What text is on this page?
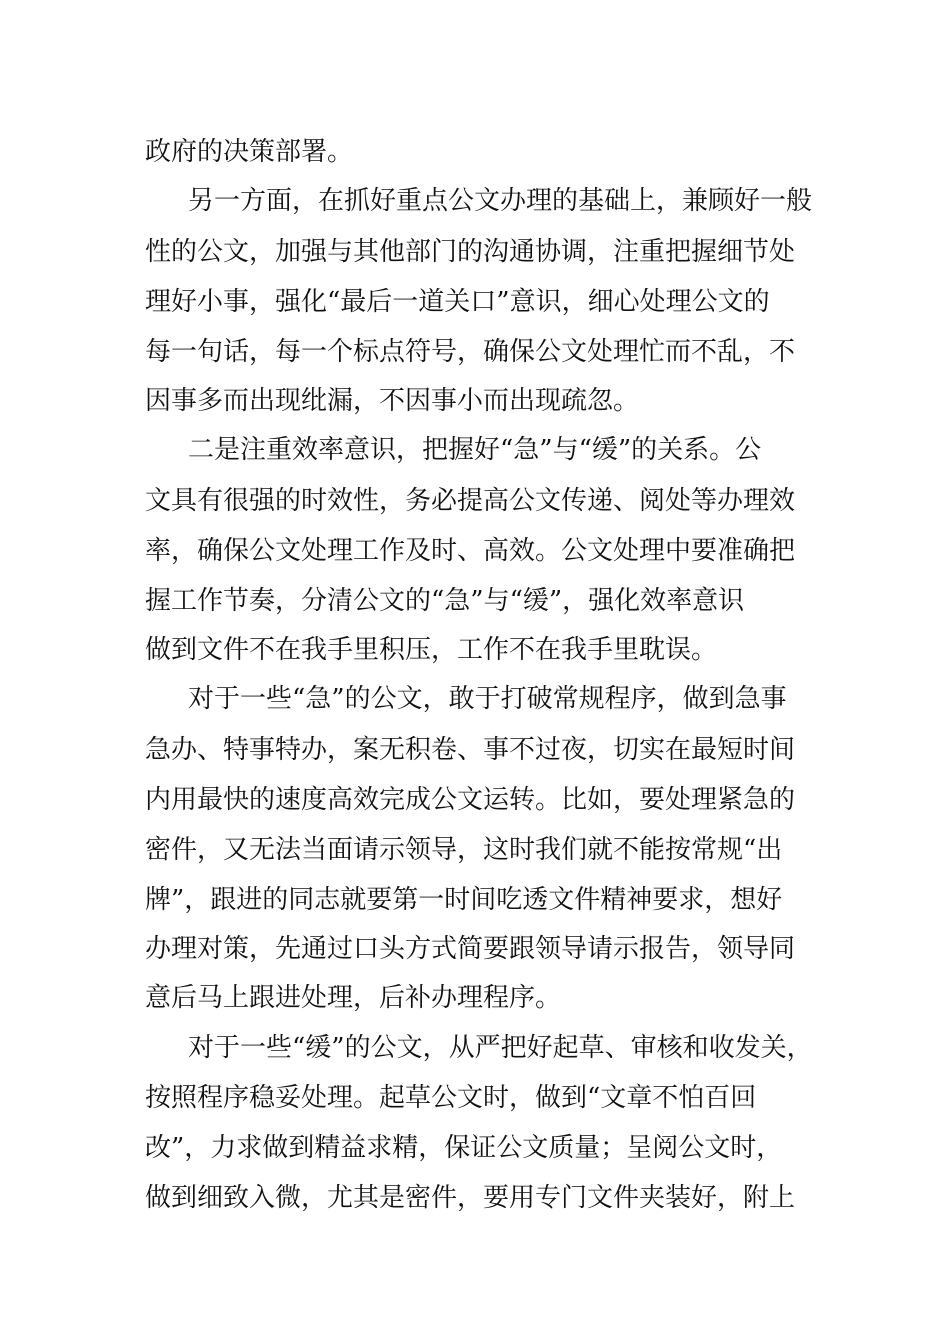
政府的决策部署。

另一方面，在抓好重点公文办理的基础上，兼顾好一般

性的公文，加强与其他部门的沟通协调，注重把握细节处

理好小事，强化“最后一道关口”意识，细心处理公文的

每一句话，每一个标点符号，确保公文处理忙而不乱，不

因事多而出现纰漏，不因事小而出现疏忽。

二是注重效率意识，把握好“急”与“缓”的关系。公

文具有很强的时效性，务必提高公文传递、阅处等办理效

率，确保公文处理工作及时、高效。公文处理中要准确把

握工作节奏，分清公文的“急”与“缓”，强化效率意识

做到文件不在我手里积压，工作不在我手里耽误。

对于一些“急”的公文，敢于打破常规程序，做到急事

急办、特事特办，案无积卷、事不过夜，切实在最短时间

内用最快的速度高效完成公文运转。比如，要处理紧急的

密件，又无法当面请示领导，这时我们就不能按常规“出

牌”，跟进的同志就要第一时间吃透文件精神要求，想好

办理对策，先通过口头方式简要跟领导请示报告，领导同

意后马上跟进处理，后补办理程序。

对于一些“缓”的公文，从严把好起草、审核和收发关，

按照程序稳妥处理。起草公文时，做到“文章不怕百回

改”，力求做到精益求精，保证公文质量；呈阅公文时，

做到细致入微，尤其是密件，要用专门文件夹装好，附上
